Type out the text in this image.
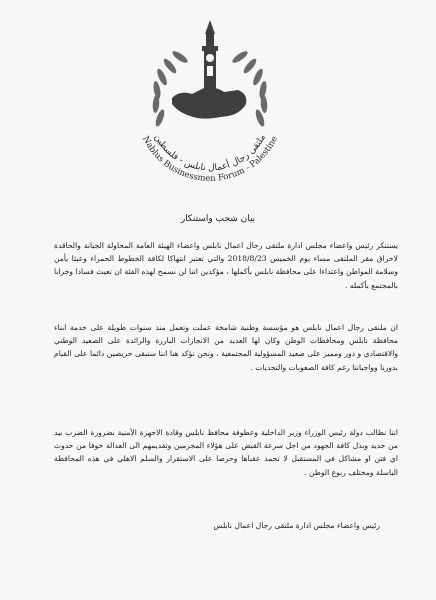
ملتقى رجال أعمال نابلس - فلسطين
Nablus Businessmen Forum - Palestine
بيان شجب واستنكار

يستنكر رئيس واعضاء مجلس ادارة ملتقى رجال اعمال نابلس واعضاء الهيئة العامة المحاولة الجبانة والحاقدة لاحراق مقر الملتقى مساء يوم الخميس 2018/8/23 والتي تعتبر انتهاكا لكافة الخطوط الحمراء وعبثا بأمن وسلامة المواطن واعتداءا على محافظة نابلس بأكملها ، مؤكدين اننا لن نسمح لهذه الفئة ان تعيث فسادا وخرابا بالمجتمع بأكمله .

ان ملتقى رجال اعمال نابلس هو مؤسسة وطنية شامخة عملت وتعمل منذ سنوات طويلة على خدمة ابناء محافظة نابلس ومحافظات الوطن وكان لها العديد من الانجازات البارزة والرائدة على الصعيد الوطني والاقتصادي و دور ومميز على صعيد المسؤولية المجتمعية ، ونحن نؤكد هنا اننا سنبقى حريصين دائما على القيام بدورنا وواجباتنا رغم كافة الصعوبات والتحديات .

اننا نطالب دولة رئيس الوزراء وزير الداخلية وعطوفة محافظ نابلس وقادة الاجهزة الأمنية بضرورة الضرب بيد من حديد وبذل كافة الجهود من اجل سرعة القبض على هؤلاء المجرمين وتقديمهم الى العدالة خوفا من حدوث اي فتن او مشاكل في المستقبل لا تحمد عقباها وحرصا على الاستقرار والسلم الاهلي في هذه المحافظة الباسلة ومختلف ربوع الوطن .

رئيس واعضاء مجلس ادارة ملتقى رجال اعمال نابلس
